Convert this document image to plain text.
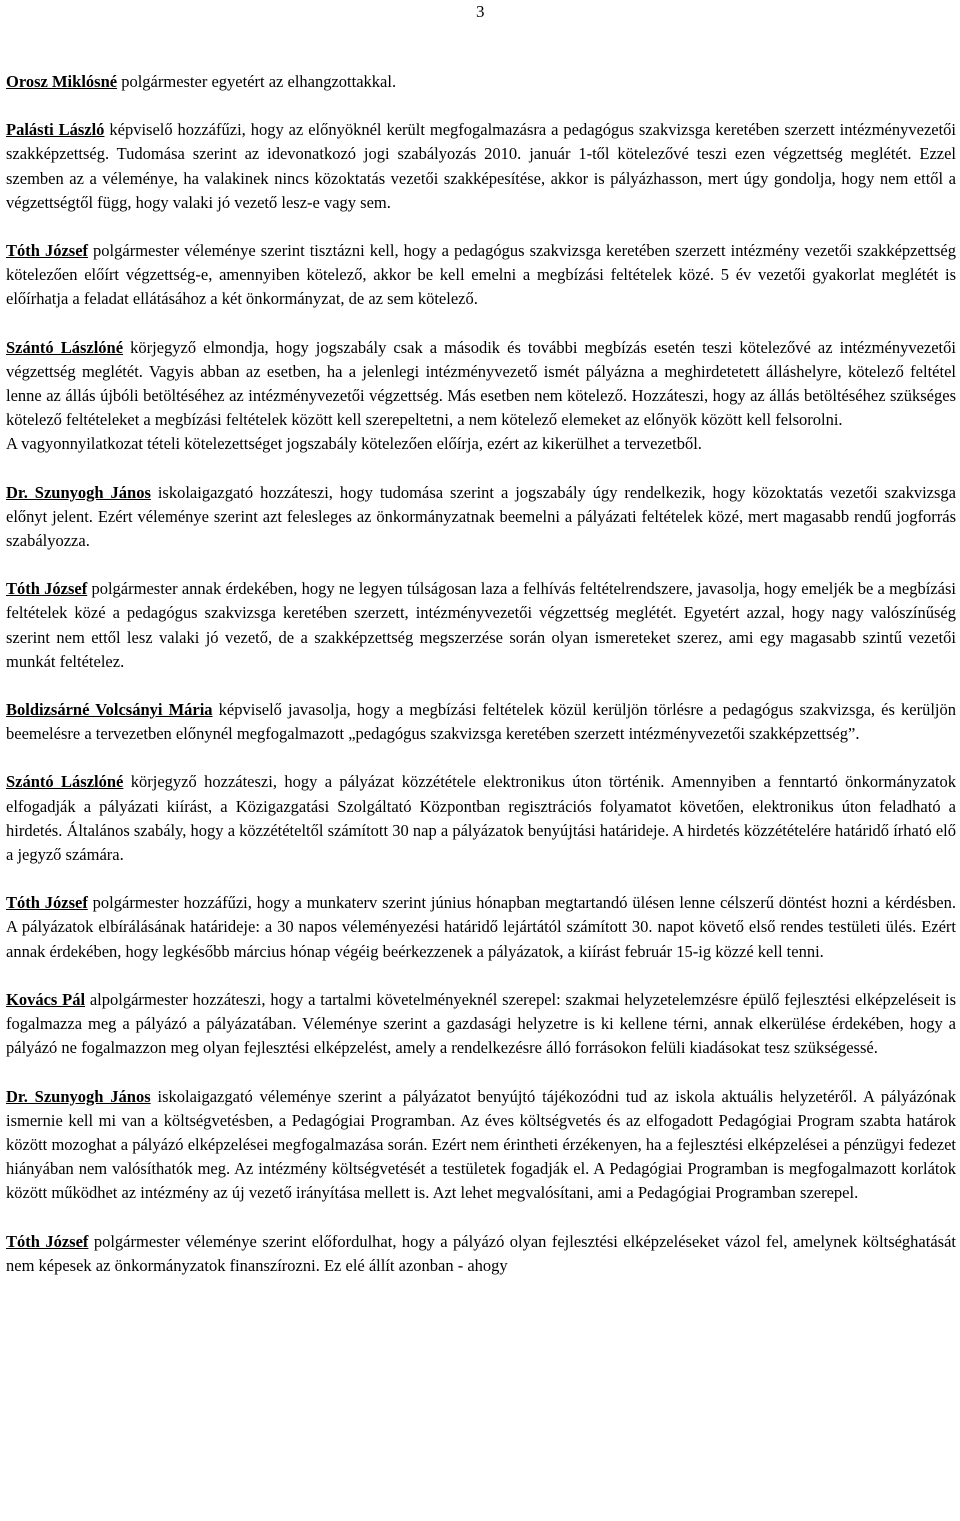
3

Orosz Miklósné polgármester egyetért az elhangzottakkal.

Palásti László képviselő hozzáfűzi, hogy az előnyöknél került megfogalmazásra a pedagógus szakvizsga keretében szerzett intézményvezetői szakképzettség. Tudomása szerint az idevonatkozó jogi szabályozás 2010. január 1-től kötelezővé teszi ezen végzettség meglétét. Ezzel szemben az a véleménye, ha valakinek nincs közoktatás vezetői szakképesítése, akkor is pályázhasson, mert úgy gondolja, hogy nem ettől a végzettségtől függ, hogy valaki jó vezető lesz-e vagy sem.

Tóth József polgármester véleménye szerint tisztázni kell, hogy a pedagógus szakvizsga keretében szerzett intézmény vezetői szakképzettség kötelezően előírt végzettség-e, amennyiben kötelező, akkor be kell emelni a megbízási feltételek közé. 5 év vezetői gyakorlat meglétét is előírhatja a feladat ellátásához a két önkormányzat, de az sem kötelező.

Szántó Lászlóné körjegyző elmondja, hogy jogszabály csak a második és további megbízás esetén teszi kötelezővé az intézményvezetői végzettség meglétét. Vagyis abban az esetben, ha a jelenlegi intézményvezető ismét pályázna a meghirdetetett álláshelyre, kötelező feltétel lenne az állás újbóli betöltéséhez az intézményvezetői végzettség. Más esetben nem kötelező. Hozzáteszi, hogy az állás betöltéséhez szükséges kötelező feltételeket a megbízási feltételek között kell szerepeltetni, a nem kötelező elemeket az előnyök között kell felsorolni.

A vagyonnyilatkozat tételi kötelezettséget jogszabály kötelezően előírja, ezért az kikerülhet a tervezetből.

Dr. Szunyogh János iskolaigazgató hozzáteszi, hogy tudomása szerint a jogszabály úgy rendelkezik, hogy közoktatás vezetői szakvizsga előnyt jelent. Ezért véleménye szerint azt felesleges az önkormányzatnak beemelni a pályázati feltételek közé, mert magasabb rendű jogforrás szabályozza.

Tóth József polgármester annak érdekében, hogy ne legyen túlságosan laza a felhívás feltételrendszere, javasolja, hogy emeljék be a megbízási feltételek közé a pedagógus szakvizsga keretében szerzett, intézményvezetői végzettség meglétét. Egyetért azzal, hogy nagy valószínűség szerint nem ettől lesz valaki jó vezető, de a szakképzettség megszerzése során olyan ismereteket szerez, ami egy magasabb szintű vezetői munkát feltételez.

Boldizsárné Volcsányi Mária képviselő javasolja, hogy a megbízási feltételek közül kerüljön törlésre a pedagógus szakvizsga, és kerüljön beemelésre a tervezetben előnynél megfogalmazott „pedagógus szakvizsga keretében szerzett intézményvezetői szakképzettség”.

Szántó Lászlóné körjegyző hozzáteszi, hogy a pályázat közzététele elektronikus úton történik. Amennyiben a fenntartó önkormányzatok elfogadják a pályázati kiírást, a Közigazgatási Szolgáltató Központban regisztrációs folyamatot követően, elektronikus úton feladható a hirdetés. Általános szabály, hogy a közzétételtől számított 30 nap a pályázatok benyújtási határideje. A hirdetés közzétételére határidő írható elő a jegyző számára.

Tóth József polgármester hozzáfűzi, hogy a munkaterv szerint június hónapban megtartandó ülésen lenne célszerű döntést hozni a kérdésben. A pályázatok elbírálásának határideje: a 30 napos véleményezési határidő lejártától számított 30. napot követő első rendes testületi ülés. Ezért annak érdekében, hogy legkésőbb március hónap végéig beérkezzenek a pályázatok, a kiírást február 15-ig közzé kell tenni.

Kovács Pál alpolgármester hozzáteszi, hogy a tartalmi követelményeknél szerepel: szakmai helyzetelemzésre épülő fejlesztési elképzeléseit is fogalmazza meg a pályázó a pályázatában. Véleménye szerint a gazdasági helyzetre is ki kellene térni, annak elkerülése érdekében, hogy a pályázó ne fogalmazzon meg olyan fejlesztési elképzelést, amely a rendelkezésre álló forrásokon felüli kiadásokat tesz szükségessé.

Dr. Szunyogh János iskolaigazgató véleménye szerint a pályázatot benyújtó tájékozódni tud az iskola aktuális helyzetéről. A pályázónak ismernie kell mi van a költségvetésben, a Pedagógiai Programban. Az éves költségvetés és az elfogadott Pedagógiai Program szabta határok között mozoghat a pályázó elképzelései megfogalmazása során. Ezért nem érintheti érzékenyen, ha a fejlesztési elképzelései a pénzügyi fedezet hiányában nem valósíthatók meg. Az intézmény költségvetését a testületek fogadják el. A Pedagógiai Programban is megfogalmazott korlátok között működhet az intézmény az új vezető irányítása mellett is. Azt lehet megvalósítani, ami a Pedagógiai Programban szerepel.

Tóth József polgármester véleménye szerint előfordulhat, hogy a pályázó olyan fejlesztési elképzeléseket vázol fel, amelynek költséghatását nem képesek az önkormányzatok finanszírozni. Ez elé állít azonban - ahogy
